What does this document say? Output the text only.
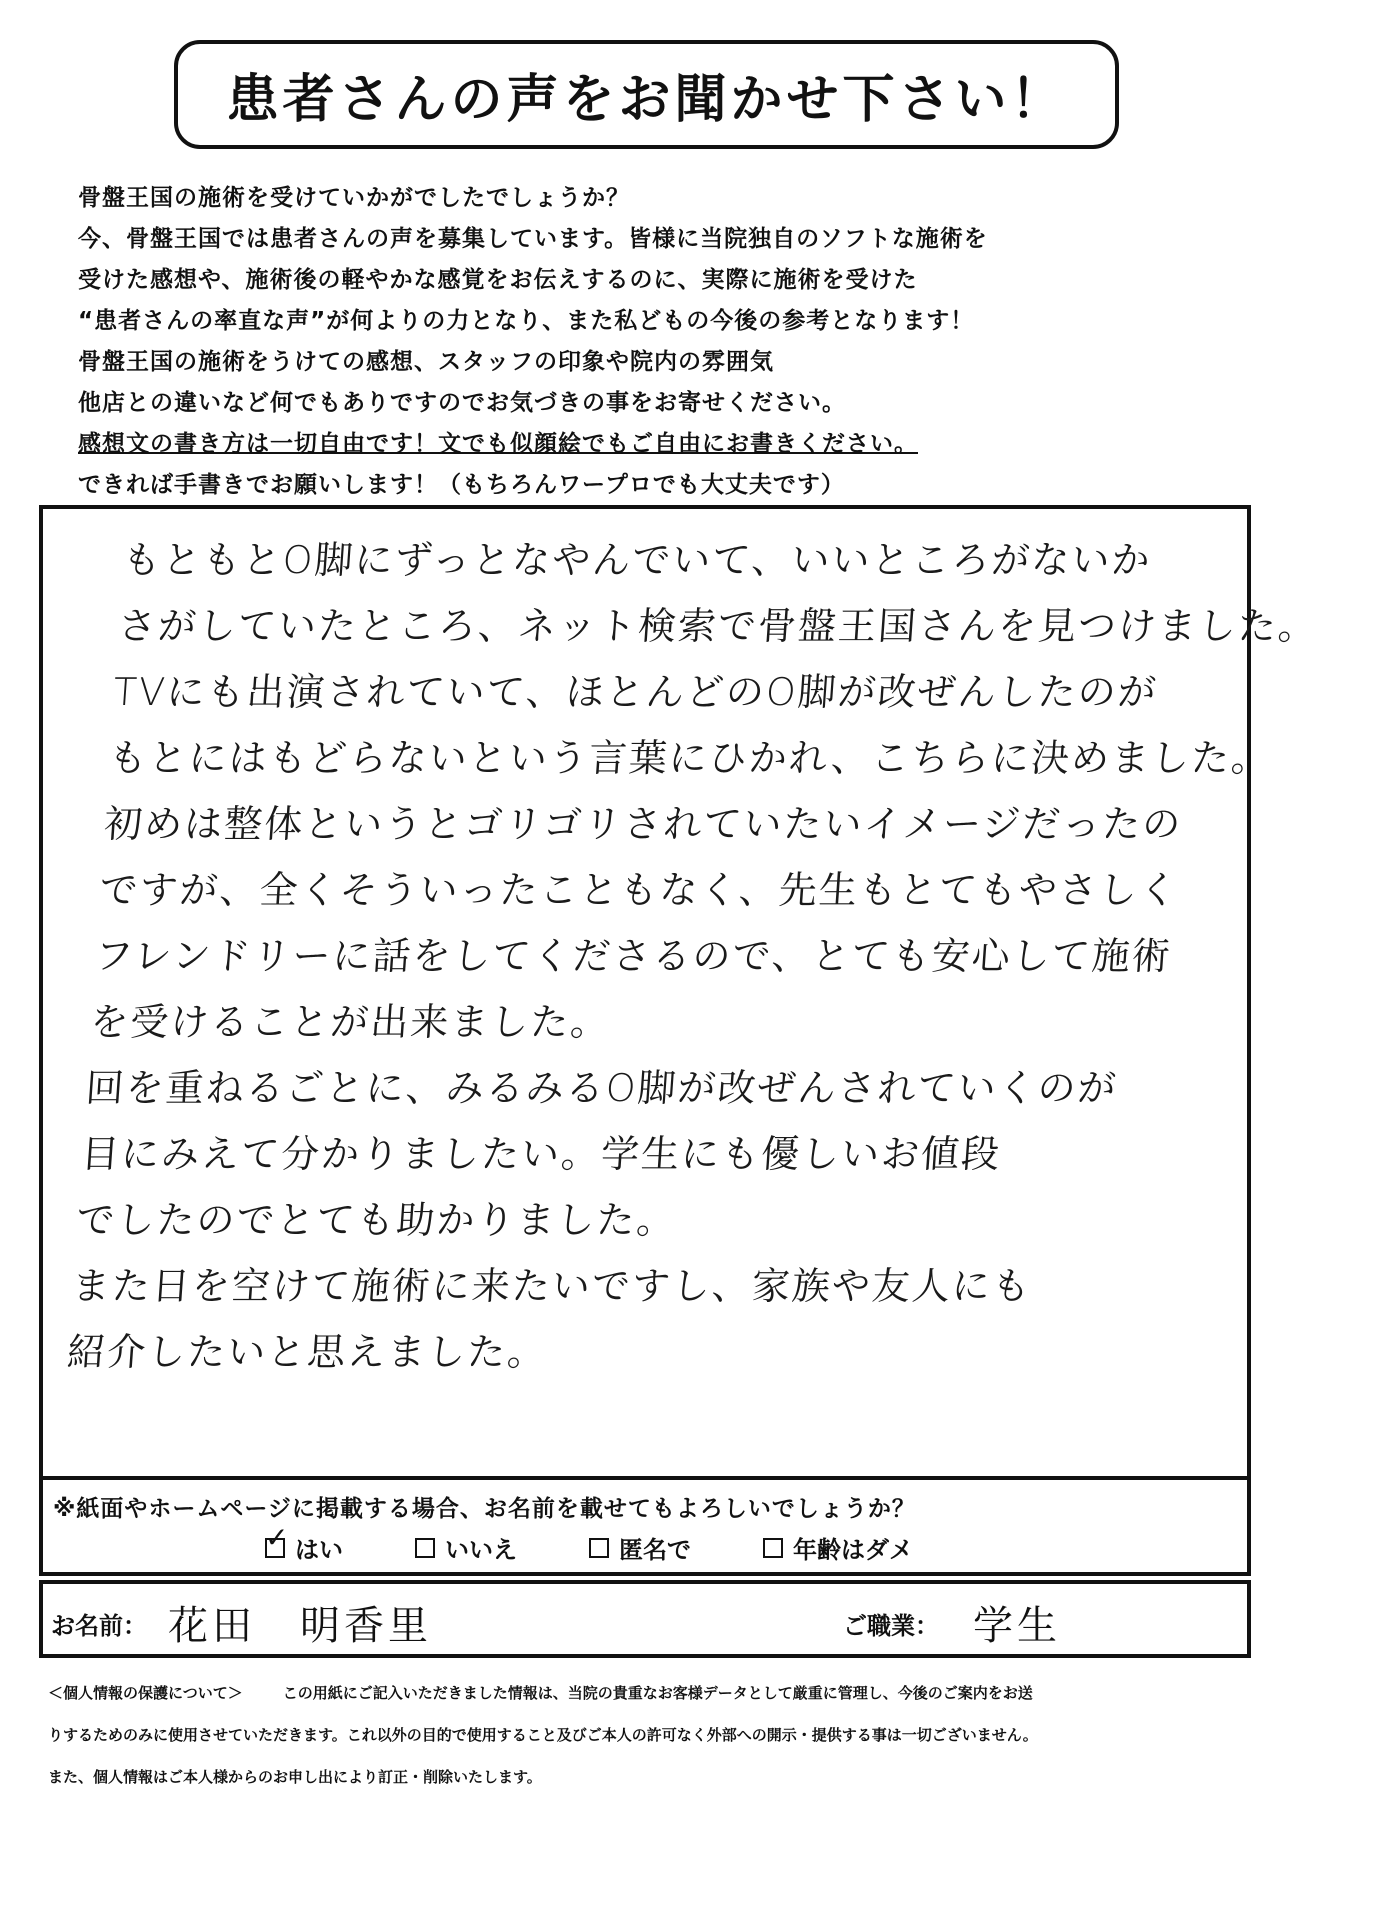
患者さんの声をお聞かせ下さい！
骨盤王国の施術を受けていかがでしたでしょうか？
今、骨盤王国では患者さんの声を募集しています。皆様に当院独自のソフトな施術を
受けた感想や、施術後の軽やかな感覚をお伝えするのに、実際に施術を受けた
“患者さんの率直な声”が何よりの力となり、また私どもの今後の参考となります！
骨盤王国の施術をうけての感想、スタッフの印象や院内の雰囲気
他店との違いなど何でもありですのでお気づきの事をお寄せください。
感想文の書き方は一切自由です！文でも似顔絵でもご自由にお書きください。
できれば手書きでお願いします！（もちろんワープロでも大丈夫です）
もともとO脚にずっとなやんでいて、いいところがないか
さがしていたところ、ネット検索で骨盤王国さんを見つけました。
TVにも出演されていて、ほとんどのO脚が改ぜんしたのが
もとにはもどらないという言葉にひかれ、こちらに決めました。
初めは整体というとゴリゴリされていたいイメージだったの
ですが、全くそういったこともなく、先生もとてもやさしく
フレンドリーに話をしてくださるので、とても安心して施術
を受けることが出来ました。
回を重ねるごとに、みるみるO脚が改ぜんされていくのが
目にみえて分かりましたい。学生にも優しいお値段
でしたのでとても助かりました。
また日を空けて施術に来たいですし、家族や友人にも
紹介したいと思えました。
※紙面やホームページに掲載する場合、お名前を載せてもよろしいでしょうか？
✓ はい	いいえ	匿名で	年齢はダメ
お名前： 花田　明香里	ご職業： 学生
＜個人情報の保護について＞	この用紙にご記入いただきました情報は、当院の貴重なお客様データとして厳重に管理し、今後のご案内をお送
りするためのみに使用させていただきます。これ以外の目的で使用すること及びご本人の許可なく外部への開示・提供する事は一切ございません。
また、個人情報はご本人様からのお申し出により訂正・削除いたします。
